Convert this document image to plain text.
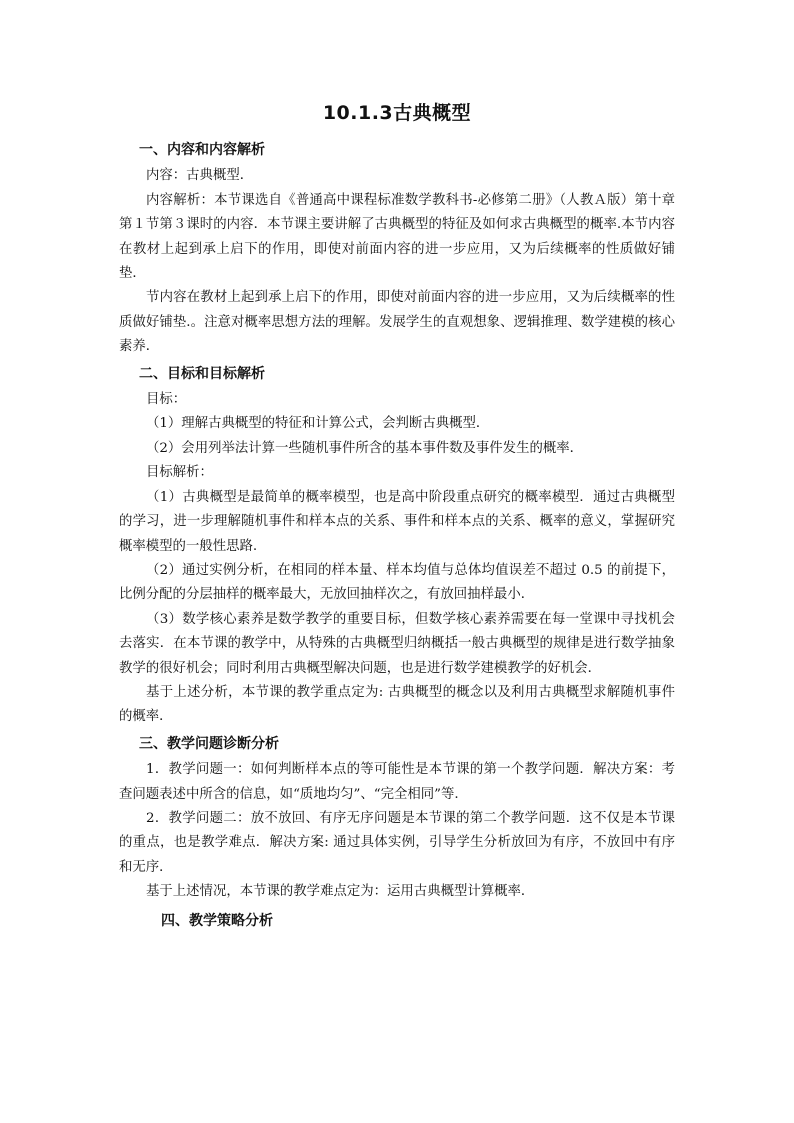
10.1.3古典概型
一、内容和内容解析

内容：古典概型．

内容解析：本节课选自《普通高中课程标准数学教科书-必修第二册》（人教Ａ版）第十章第１节第３课时的内容．本节课主要讲解了古典概型的特征及如何求古典概型的概率.本节内容在教材上起到承上启下的作用，即使对前面内容的进一步应用，又为后续概率的性质做好铺垫．

节内容在教材上起到承上启下的作用，即使对前面内容的进一步应用，又为后续概率的性质做好铺垫.。注意对概率思想方法的理解。发展学生的直观想象、逻辑推理、数学建模的核心素养．

二、目标和目标解析

目标：

（1）理解古典概型的特征和计算公式，会判断古典概型．

（2）会用列举法计算一些随机事件所含的基本事件数及事件发生的概率．

目标解析：

（1）古典概型是最简单的概率模型，也是高中阶段重点研究的概率模型．通过古典概型的学习，进一步理解随机事件和样本点的关系、事件和样本点的关系、概率的意义，掌握研究概率模型的一般性思路.

（2）通过实例分析，在相同的样本量、样本均值与总体均值误差不超过 0.5 的前提下，比例分配的分层抽样的概率最大，无放回抽样次之，有放回抽样最小．

（3）数学核心素养是数学教学的重要目标，但数学核心素养需要在每一堂课中寻找机会去落实．在本节课的教学中，从特殊的古典概型归纳概括一般古典概型的规律是进行数学抽象教学的很好机会；同时利用古典概型解决问题，也是进行数学建模教学的好机会．

基于上述分析，本节课的教学重点定为: 古典概型的概念以及利用古典概型求解随机事件的概率．

三、教学问题诊断分析

1．教学问题一：如何判断样本点的等可能性是本节课的第一个教学问题．解决方案：考查问题表述中所含的信息，如“质地均匀”、“完全相同”等.

2．教学问题二：放不放回、有序无序问题是本节课的第二个教学问题．这不仅是本节课的重点，也是教学难点．解决方案: 通过具体实例，引导学生分析放回为有序，不放回中有序和无序．

基于上述情况，本节课的教学难点定为：运用古典概型计算概率．

四、教学策略分析
